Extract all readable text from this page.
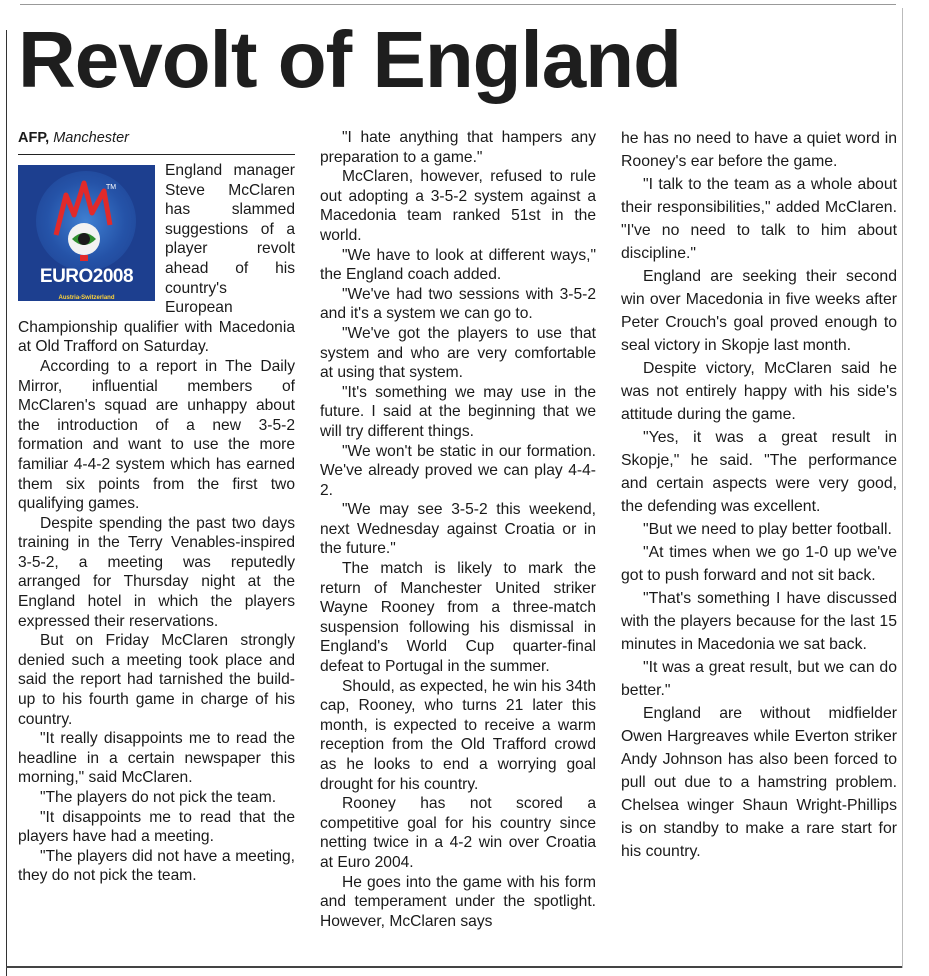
Revolt of England
AFP, Manchester
TM
EURO2008
Austria-Switzerland

England manager Steve McClaren has slammed suggestions of a player revolt ahead of his country's European Championship qualifier with Macedonia at Old Trafford on Saturday.

According to a report in The Daily Mirror, influential members of McClaren's squad are unhappy about the introduction of a new 3-5-2 formation and want to use the more familiar 4-4-2 system which has earned them six points from the first two qualifying games.

Despite spending the past two days training in the Terry Venables-inspired 3-5-2, a meeting was reputedly arranged for Thursday night at the England hotel in which the players expressed their reservations.

But on Friday McClaren strongly denied such a meeting took place and said the report had tarnished the build-up to his fourth game in charge of his country.

"It really disappoints me to read the headline in a certain newspaper this morning," said McClaren.

"The players do not pick the team.

"It disappoints me to read that the players have had a meeting.

"The players did not have a meeting, they do not pick the team.

"I hate anything that hampers any preparation to a game."

McClaren, however, refused to rule out adopting a 3-5-2 system against a Macedonia team ranked 51st in the world.

"We have to look at different ways," the England coach added.

"We've had two sessions with 3-5-2 and it's a system we can go to.

"We've got the players to use that system and who are very comfortable at using that system.

"It's something we may use in the future. I said at the beginning that we will try different things.

"We won't be static in our formation. We've already proved we can play 4-4-2.

"We may see 3-5-2 this weekend, next Wednesday against Croatia or in the future."

The match is likely to mark the return of Manchester United striker Wayne Rooney from a three-match suspension following his dismissal in England's World Cup quarter-final defeat to Portugal in the summer.

Should, as expected, he win his 34th cap, Rooney, who turns 21 later this month, is expected to receive a warm reception from the Old Trafford crowd as he looks to end a worrying goal drought for his country.

Rooney has not scored a competitive goal for his country since netting twice in a 4-2 win over Croatia at Euro 2004.

He goes into the game with his form and temperament under the spotlight. However, McClaren says

he has no need to have a quiet word in Rooney's ear before the game.

"I talk to the team as a whole about their responsibilities," added McClaren. "I've no need to talk to him about discipline."

England are seeking their second win over Macedonia in five weeks after Peter Crouch's goal proved enough to seal victory in Skopje last month.

Despite victory, McClaren said he was not entirely happy with his side's attitude during the game.

"Yes, it was a great result in Skopje," he said. "The performance and certain aspects were very good, the defending was excellent.

"But we need to play better football.

"At times when we go 1-0 up we've got to push forward and not sit back.

"That's something I have discussed with the players because for the last 15 minutes in Macedonia we sat back.

"It was a great result, but we can do better."

England are without midfielder Owen Hargreaves while Everton striker Andy Johnson has also been forced to pull out due to a hamstring problem. Chelsea winger Shaun Wright-Phillips is on standby to make a rare start for his country.
